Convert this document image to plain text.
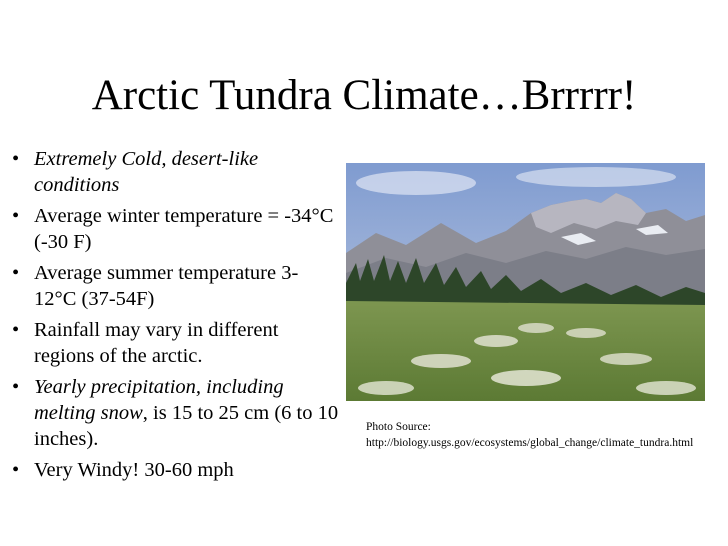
Arctic Tundra Climate…Brrrrr!
• Extremely Cold, desert-like conditions
• Average winter temperature = -34°C (-30 F)
• Average summer temperature 3-12°C (37-54F)
• Rainfall may vary in different regions of the arctic.
• Yearly precipitation, including melting snow, is 15 to 25 cm (6 to 10 inches).
• Very Windy! 30-60 mph
Photo Source:
http://biology.usgs.gov/ecosystems/global_change/climate_tundra.html
